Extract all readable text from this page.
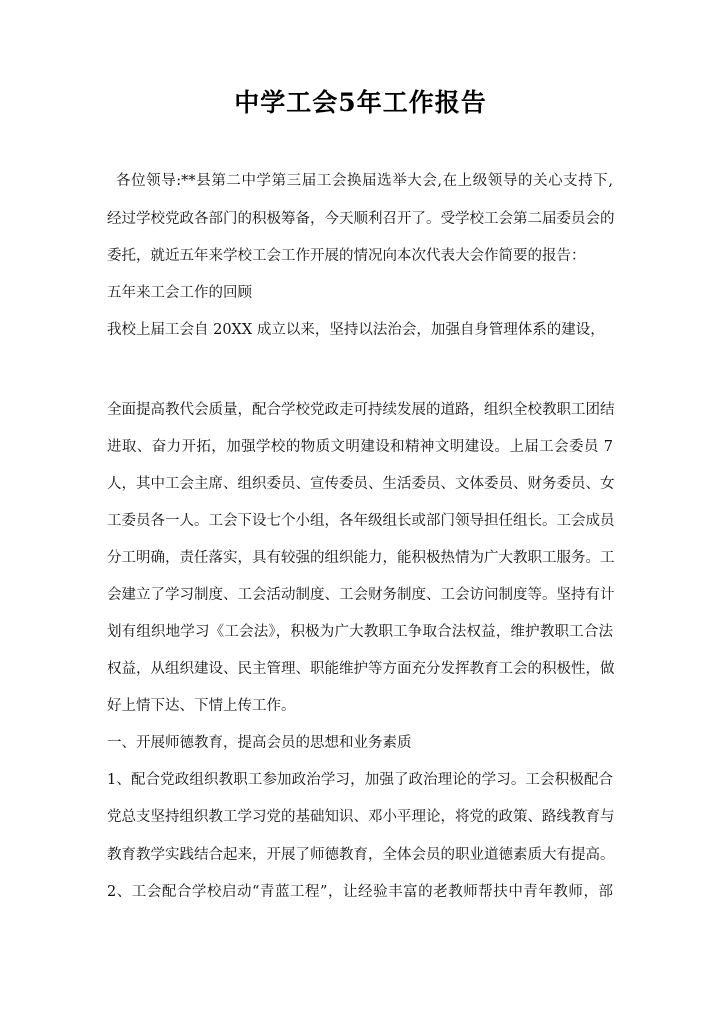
中学工会5年工作报告
各位领导:**县第二中学第三届工会换届选举大会,在上级领导的关心支持下,
经过学校党政各部门的积极筹备，今天顺利召开了。受学校工会第二届委员会的
委托，就近五年来学校工会工作开展的情况向本次代表大会作简要的报告：
五年来工会工作的回顾
我校上届工会自 20XX 成立以来，坚持以法治会，加强自身管理体系的建设，
全面提高教代会质量，配合学校党政走可持续发展的道路，组织全校教职工团结
进取、奋力开拓，加强学校的物质文明建设和精神文明建设。上届工会委员 7
人，其中工会主席、组织委员、宣传委员、生活委员、文体委员、财务委员、女
工委员各一人。工会下设七个小组，各年级组长或部门领导担任组长。工会成员
分工明确，责任落实，具有较强的组织能力，能积极热情为广大教职工服务。工
会建立了学习制度、工会活动制度、工会财务制度、工会访问制度等。坚持有计
划有组织地学习《工会法》，积极为广大教职工争取合法权益，维护教职工合法
权益，从组织建设、民主管理、职能维护等方面充分发挥教育工会的积极性，做
好上情下达、下情上传工作。
一、开展师德教育，提高会员的思想和业务素质
1、配合党政组织教职工参加政治学习，加强了政治理论的学习。工会积极配合
党总支坚持组织教工学习党的基础知识、邓小平理论，将党的政策、路线教育与
教育教学实践结合起来，开展了师德教育，全体会员的职业道德素质大有提高。
2、工会配合学校启动“青蓝工程”，让经验丰富的老教师帮扶中青年教师，部
